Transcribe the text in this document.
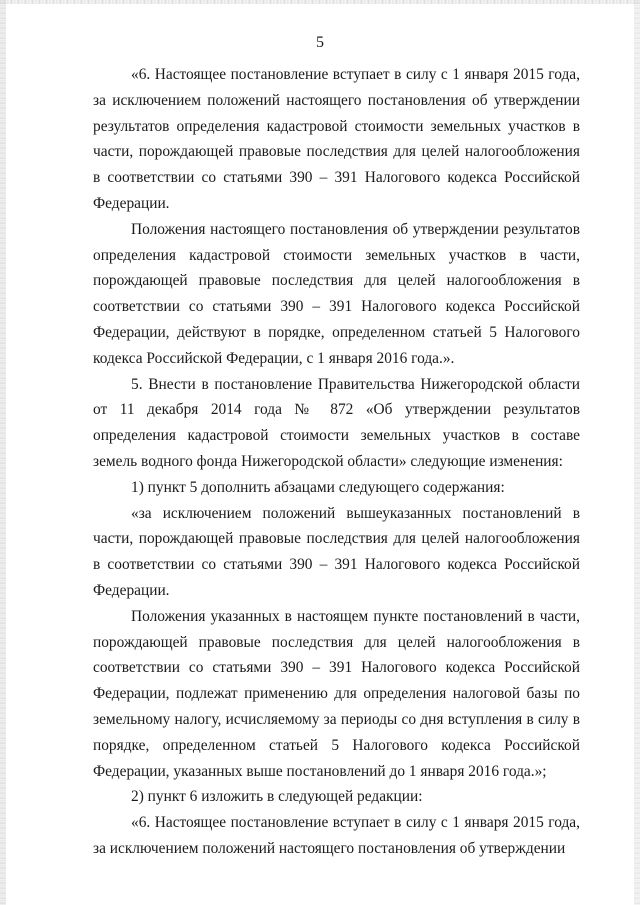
5

«6. Настоящее постановление вступает в силу с 1 января 2015 года, за исключением положений настоящего постановления об утверждении результатов определения кадастровой стоимости земельных участков в части, порождающей правовые последствия для целей налогообложения в соответствии со статьями 390 – 391 Налогового кодекса Российской Федерации.

Положения настоящего постановления об утверждении результатов определения кадастровой стоимости земельных участков в части, порождающей правовые последствия для целей налогообложения в соответствии со статьями 390 – 391 Налогового кодекса Российской Федерации, действуют в порядке, определенном статьей 5 Налогового кодекса Российской Федерации, с 1 января 2016 года.».

5. Внести в постановление Правительства Нижегородской области от 11 декабря 2014 года № 872 «Об утверждении результатов определения кадастровой стоимости земельных участков в составе земель водного фонда Нижегородской области» следующие изменения:

1) пункт 5 дополнить абзацами следующего содержания:

«за исключением положений вышеуказанных постановлений в части, порождающей правовые последствия для целей налогообложения в соответствии со статьями 390 – 391 Налогового кодекса Российской Федерации.

Положения указанных в настоящем пункте постановлений в части, порождающей правовые последствия для целей налогообложения в соответствии со статьями 390 – 391 Налогового кодекса Российской Федерации, подлежат применению для определения налоговой базы по земельному налогу, исчисляемому за периоды со дня вступления в силу в порядке, определенном статьей 5 Налогового кодекса Российской Федерации, указанных выше постановлений до 1 января 2016 года.»;

2) пункт 6 изложить в следующей редакции:

«6. Настоящее постановление вступает в силу с 1 января 2015 года, за исключением положений настоящего постановления об утверждении
